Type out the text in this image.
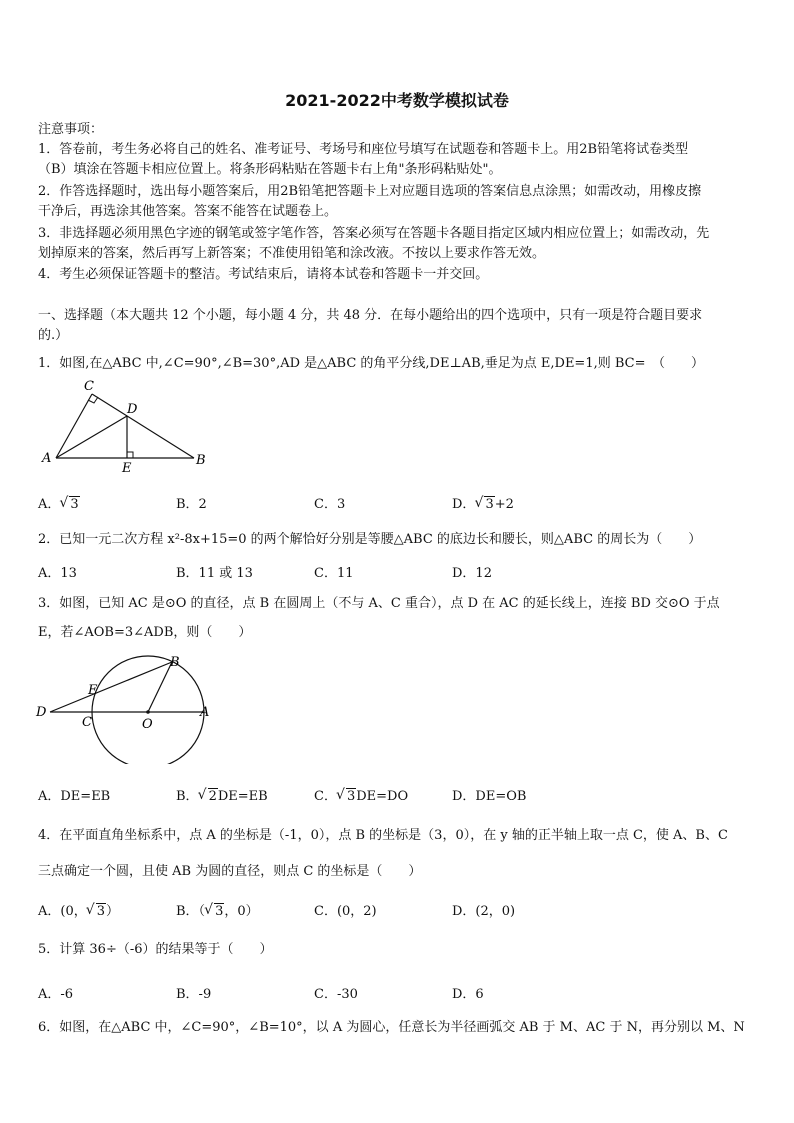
2021-2022中考数学模拟试卷
注意事项：
1．答卷前，考生务必将自己的姓名、准考证号、考场号和座位号填写在试题卷和答题卡上。用2B铅笔将试卷类型
（B）填涂在答题卡相应位置上。将条形码粘贴在答题卡右上角"条形码粘贴处"。
2．作答选择题时，选出每小题答案后，用2B铅笔把答题卡上对应题目选项的答案信息点涂黑；如需改动，用橡皮擦
干净后，再选涂其他答案。答案不能答在试题卷上。
3．非选择题必须用黑色字迹的钢笔或签字笔作答，答案必须写在答题卡各题目指定区域内相应位置上；如需改动，先
划掉原来的答案，然后再写上新答案；不准使用铅笔和涂改液。不按以上要求作答无效。
4．考生必须保证答题卡的整洁。考试结束后，请将本试卷和答题卡一并交回。
一、选择题（本大题共 12 个小题，每小题 4 分，共 48 分．在每小题给出的四个选项中，只有一项是符合题目要求
的.）
1．如图,在△ABC 中,∠C=90°,∠B=30°,AD 是△ABC 的角平分线,DE⊥AB,垂足为点 E,DE=1,则 BC=　（　　）
A	B
C
D
E
A． √ 3	B．2	C．3	D． √ 3+2
2．已知一元二次方程 x²-8x+15=0 的两个解恰好分别是等腰△ABC 的底边长和腰长，则△ABC 的周长为（　　）
A．13	B．11 或 13	C．11	D．12
3．如图，已知 AC 是⊙O 的直径，点 B 在圆周上（不与 A、C 重合），点 D 在 AC 的延长线上，连接 BD 交⊙O 于点
E，若∠AOB=3∠ADB，则（　　）
D
C
E
O
B
A
A．DE=EB	B． √ 2DE=EB	C． √ 3DE=DO	D．DE=OB
4．在平面直角坐标系中，点 A 的坐标是（-1，0），点 B 的坐标是（3，0），在 y 轴的正半轴上取一点 C，使 A、B、C
三点确定一个圆，且使 AB 为圆的直径，则点 C 的坐标是（　　）
A．(0， √ 3）	B．（ √ 3，0）	C．(0，2)	D．(2，0)
5．计算 36÷（-6）的结果等于（　　）
A．-6	B．-9	C．-30	D．6
6．如图，在△ABC 中，∠C=90°，∠B=10°，以 A 为圆心，任意长为半径画弧交 AB 于 M、AC 于 N，再分别以 M、N
